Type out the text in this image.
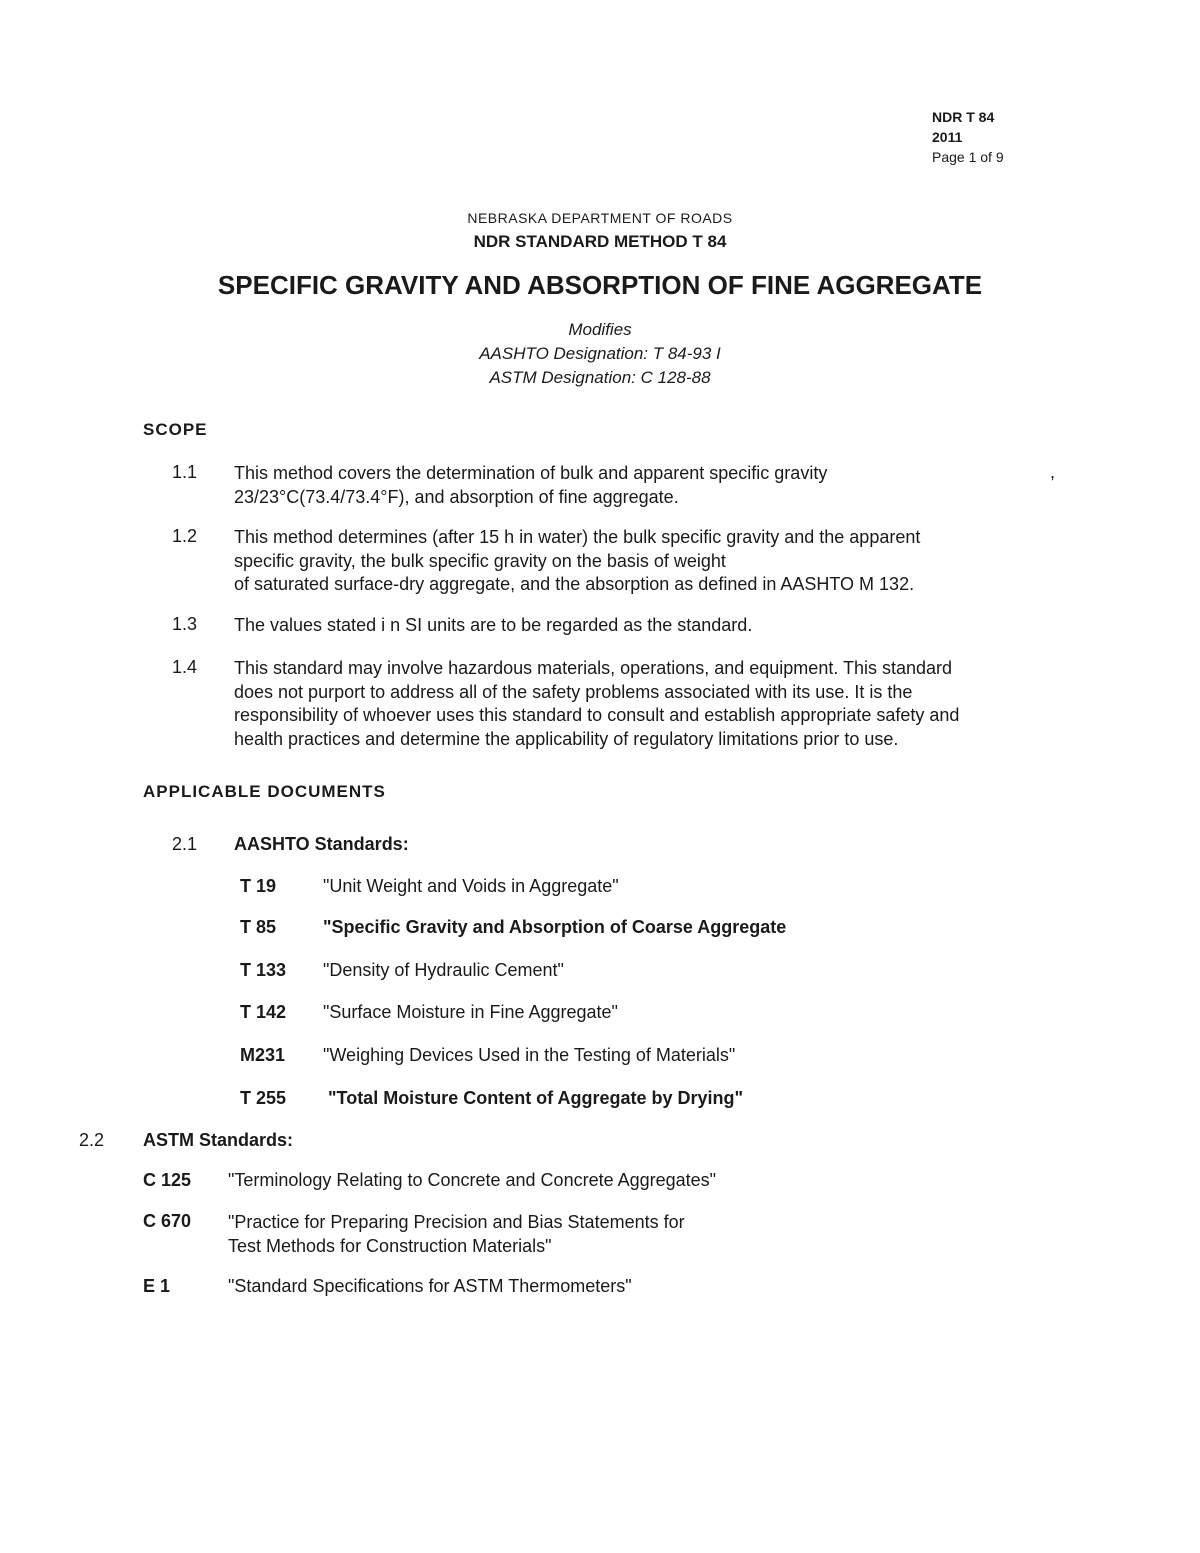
NDR T 84
2011
Page 1 of 9
NEBRASKA DEPARTMENT OF ROADS
NDR STANDARD METHOD T 84
SPECIFIC GRAVITY AND ABSORPTION OF FINE AGGREGATE
Modifies
AASHTO Designation: T 84-93 I
ASTM Designation: C 128-88
SCOPE
1.1 This method covers the determination of bulk and apparent specific gravity
23/23°C(73.4/73.4°F), and absorption of fine aggregate.
,
1.2 This method determines (after 15 h in water) the bulk specific gravity and the apparent
specific gravity, the bulk specific gravity on the basis of weight
of saturated surface-dry aggregate, and the absorption as defined in AASHTO M 132.
1.3 The values stated i n SI units are to be regarded as the standard.
1.4 This standard may involve hazardous materials, operations, and equipment. This standard
does not purport to address all of the safety problems associated with its use. It is the
responsibility of whoever uses this standard to consult and establish appropriate safety and
health practices and determine the applicability of regulatory limitations prior to use.
APPLICABLE DOCUMENTS
2.1 AASHTO Standards:
T 19	"Unit Weight and Voids in Aggregate"
T 85	"Specific Gravity and Absorption of Coarse Aggregate
T 133 "Density of Hydraulic Cement"
T 142 "Surface Moisture in Fine Aggregate"
M231 "Weighing Devices Used in the Testing of Materials"
T 255 "Total Moisture Content of Aggregate by Drying"
2.2 ASTM Standards:
C 125 "Terminology Relating to Concrete and Concrete Aggregates"
C 670 "Practice for Preparing Precision and Bias Statements for
Test Methods for Construction Materials"
E 1	"Standard Specifications for ASTM Thermometers"
